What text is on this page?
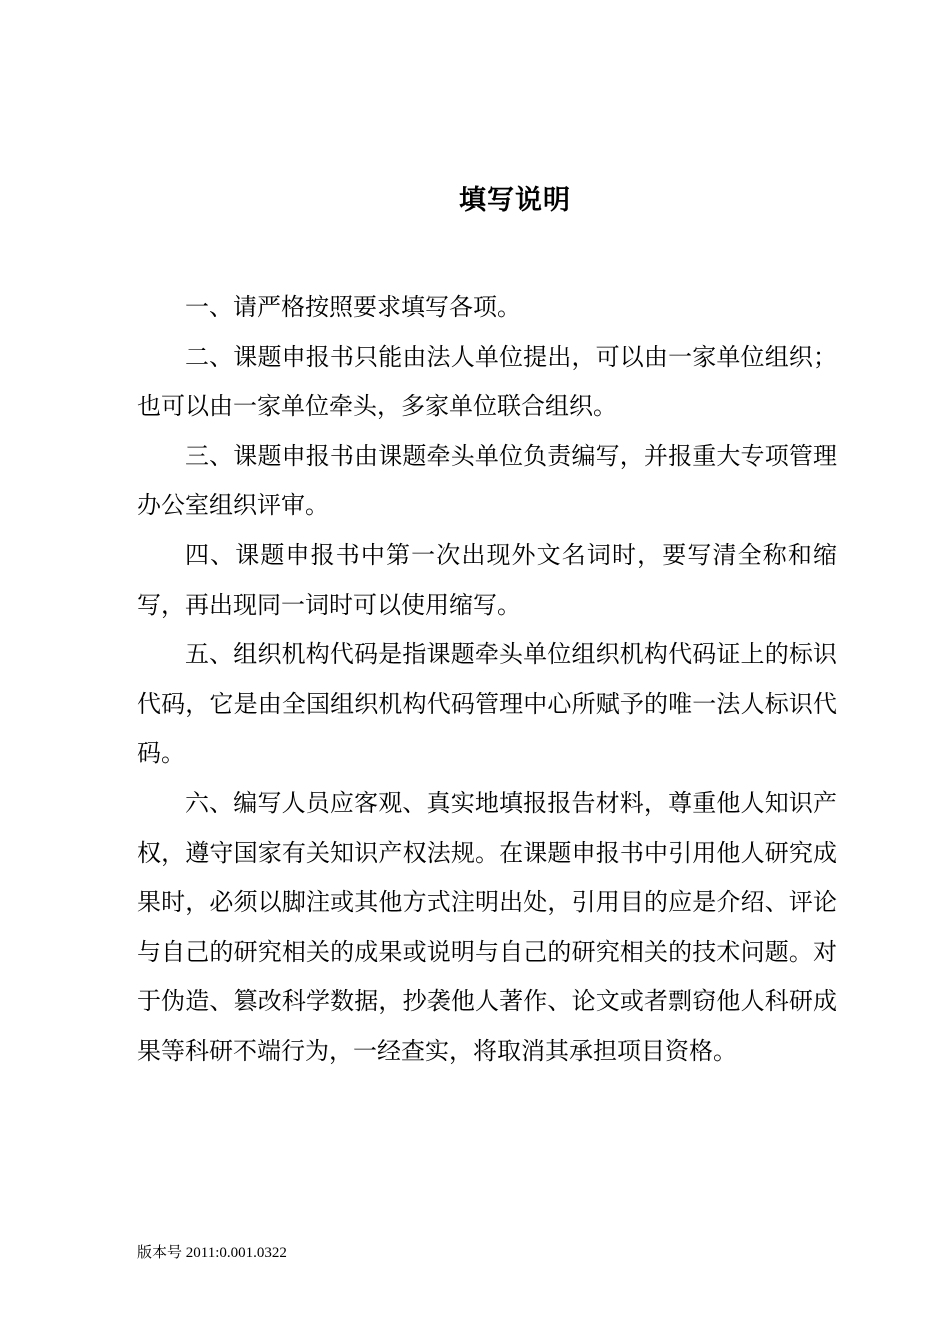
填写说明

一、请严格按照要求填写各项。

二、课题申报书只能由法人单位提出，可以由一家单位组织；也可以由一家单位牵头，多家单位联合组织。

三、课题申报书由课题牵头单位负责编写，并报重大专项管理办公室组织评审。

四、课题申报书中第一次出现外文名词时，要写清全称和缩写，再出现同一词时可以使用缩写。

五、组织机构代码是指课题牵头单位组织机构代码证上的标识代码，它是由全国组织机构代码管理中心所赋予的唯一法人标识代码。

六、编写人员应客观、真实地填报报告材料，尊重他人知识产权，遵守国家有关知识产权法规。在课题申报书中引用他人研究成果时，必须以脚注或其他方式注明出处，引用目的应是介绍、评论与自己的研究相关的成果或说明与自己的研究相关的技术问题。对于伪造、篡改科学数据，抄袭他人著作、论文或者剽窃他人科研成果等科研不端行为，一经查实，将取消其承担项目资格。

版本号 2011:0.001.0322
